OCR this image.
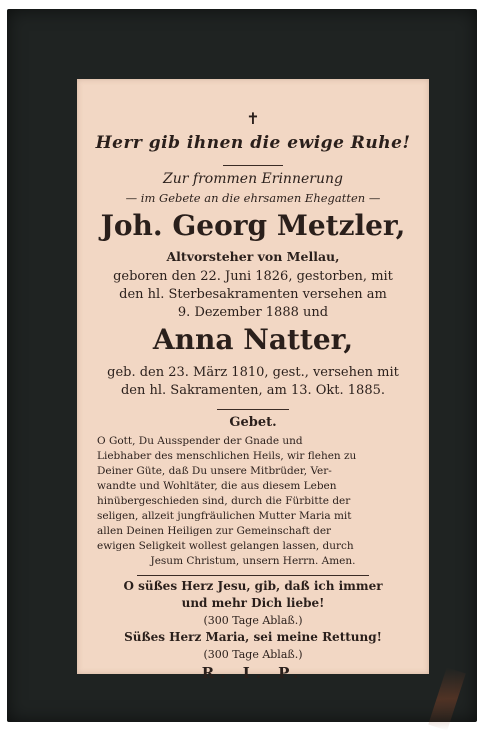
✝
Herr gib ihnen die ewige Ruhe!
Zur frommen Erinnerung
— im Gebete an die ehrsamen Ehegatten —
Joh. Georg Metzler,
Altvorsteher von Mellau,
geboren den 22. Juni 1826, gestorben, mit
den hl. Sterbesakramenten versehen am
9. Dezember 1888 und
Anna Natter,
geb. den 23. März 1810, gest., versehen mit
den hl. Sakramenten, am 13. Okt. 1885.
Gebet.
O Gott, Du Ausspender der Gnade und
Liebhaber des menschlichen Heils, wir flehen zu
Deiner Güte, daß Du unsere Mitbrüder, Ver-
wandte und Wohltäter, die aus diesem Leben
hinübergeschieden sind, durch die Fürbitte der
seligen, allzeit jungfräulichen Mutter Maria mit
allen Deinen Heiligen zur Gemeinschaft der
ewigen Seligkeit wollest gelangen lassen, durch
Jesum Christum, unsern Herrn. Amen.
O süßes Herz Jesu, gib, daß ich immer
und mehr Dich liebe!
(300 Tage Ablaß.)
Süßes Herz Maria, sei meine Rettung!
(300 Tage Ablaß.)
R. I. P.
